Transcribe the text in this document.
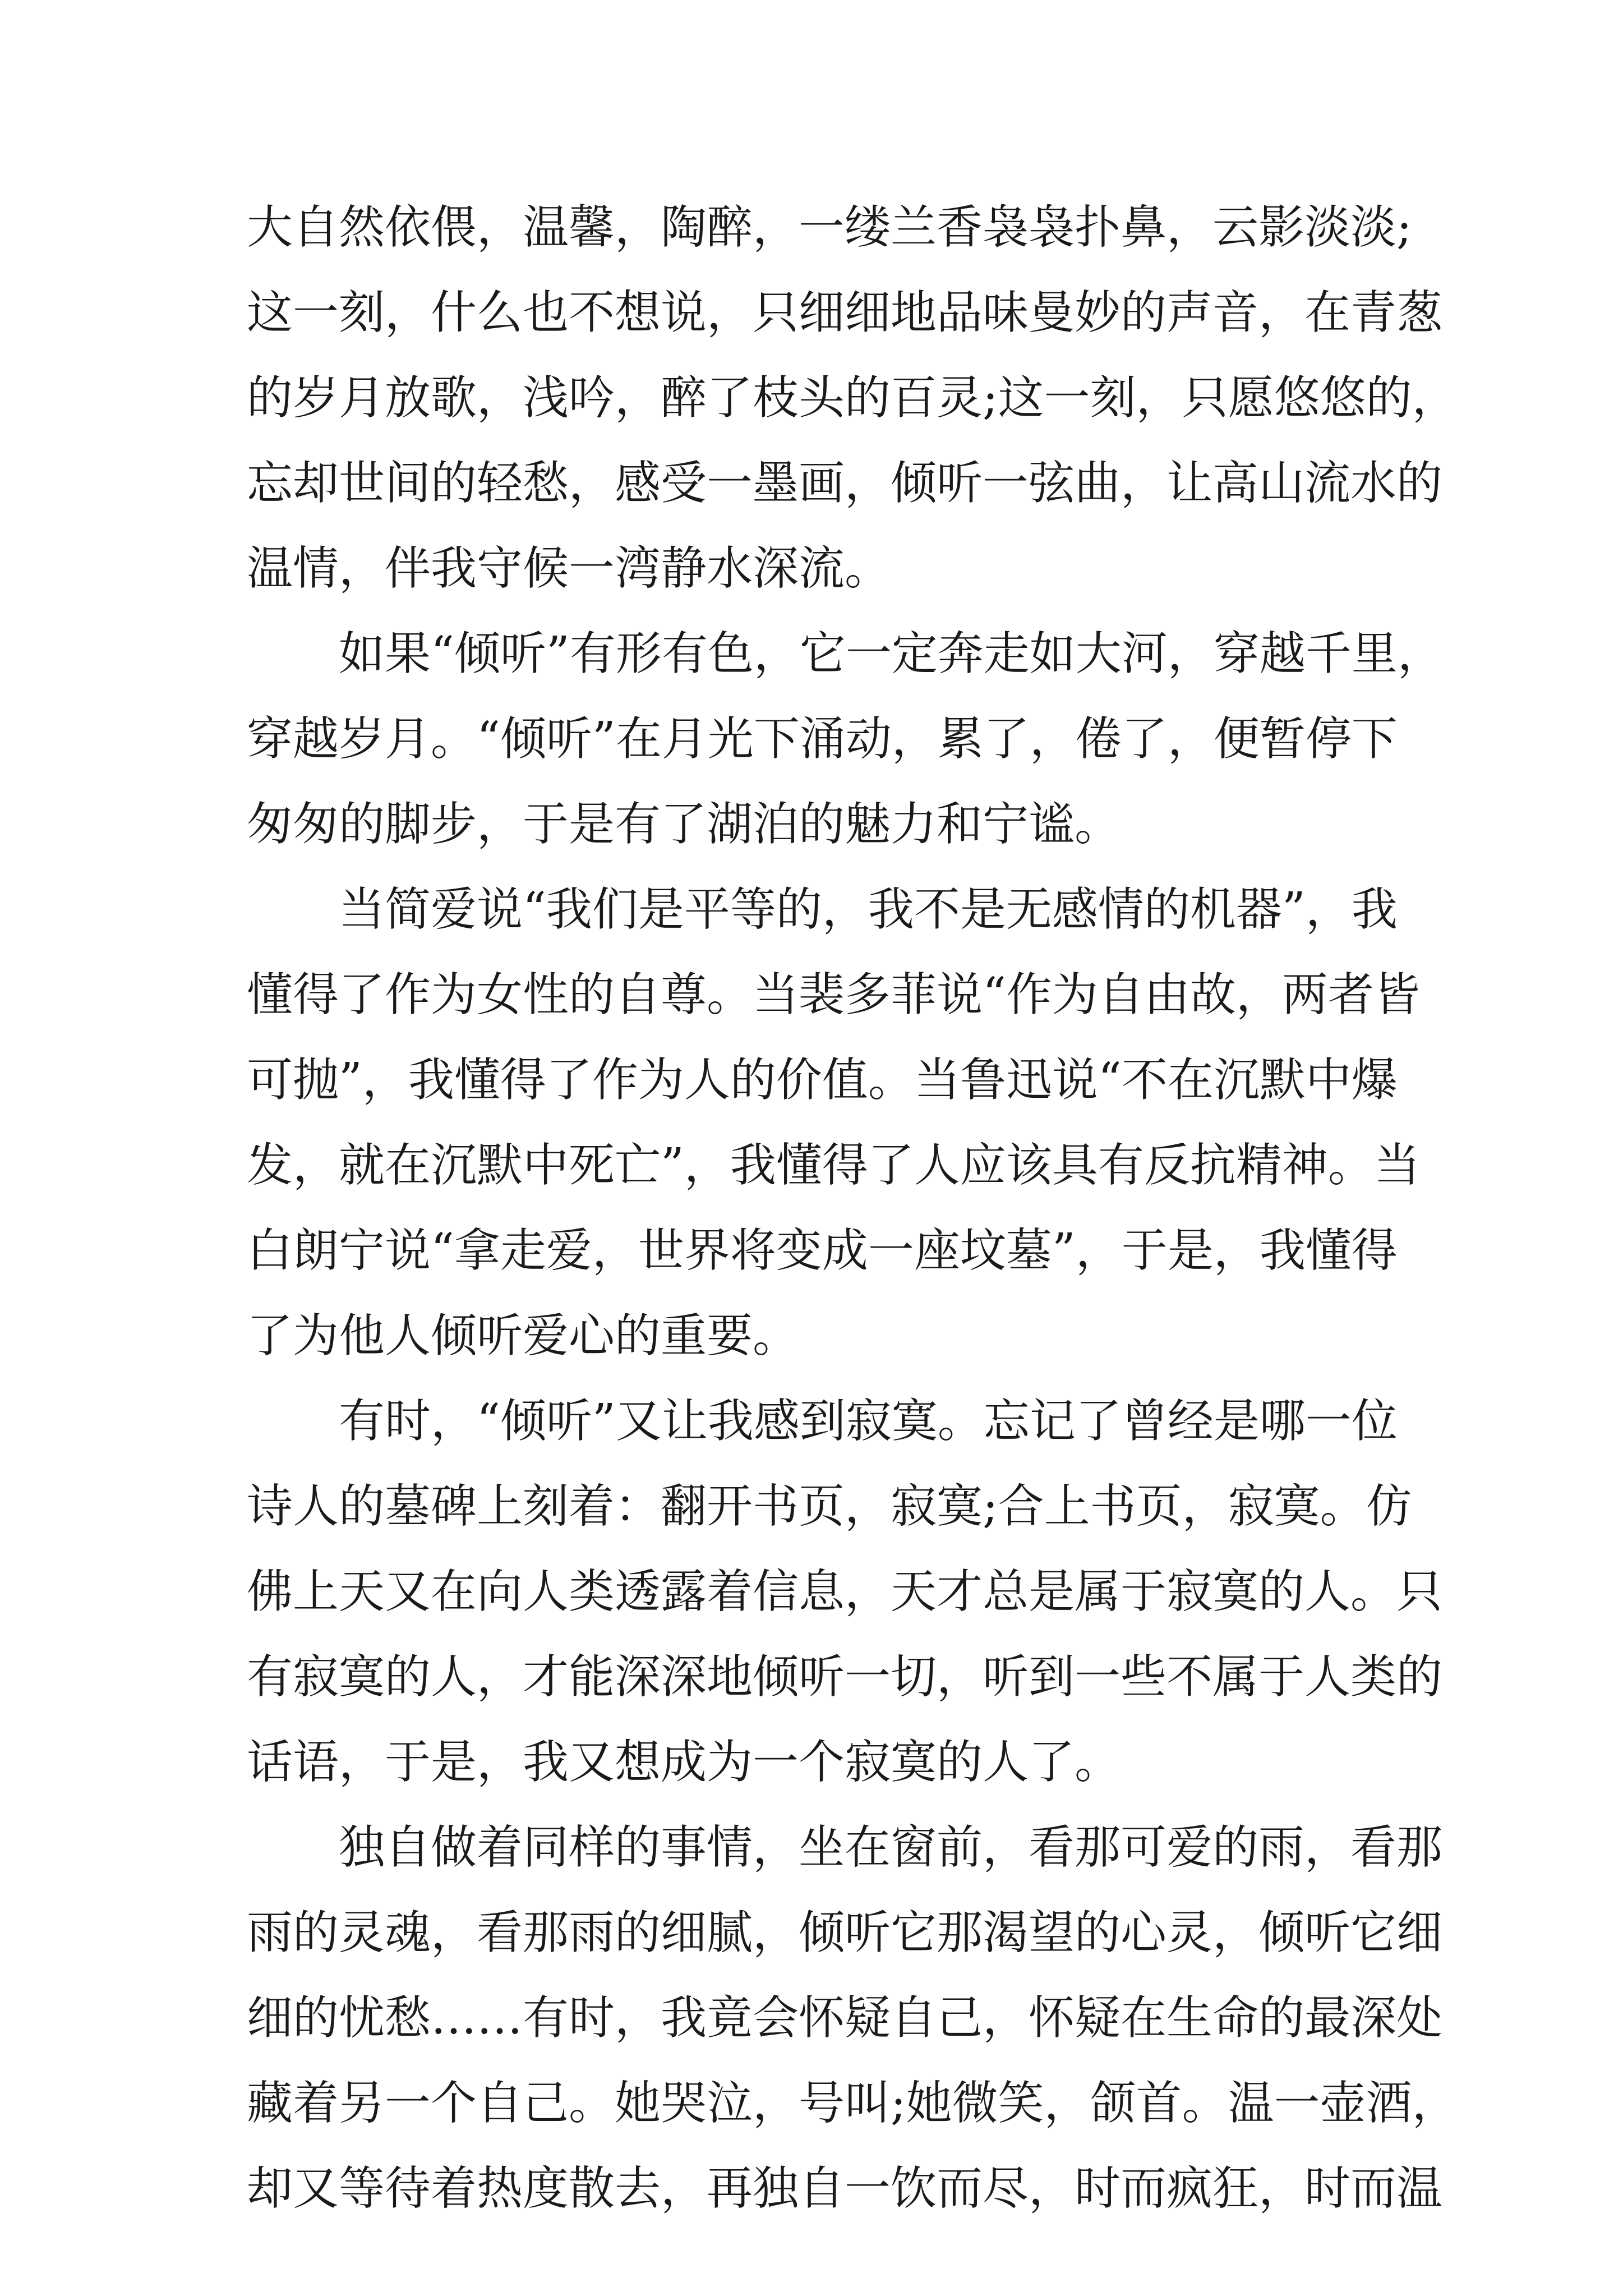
大自然依偎，温馨，陶醉，一缕兰香袅袅扑鼻，云影淡淡;
这一刻，什么也不想说，只细细地品味曼妙的声音，在青葱
的岁月放歌，浅吟，醉了枝头的百灵;这一刻，只愿悠悠的，
忘却世间的轻愁，感受一墨画，倾听一弦曲，让高山流水的
温情，伴我守候一湾静水深流。
如果“倾听”有形有色，它一定奔走如大河，穿越千里，
穿越岁月。“倾听”在月光下涌动，累了，倦了，便暂停下
匆匆的脚步，于是有了湖泊的魅力和宁谧。
当简爱说“我们是平等的，我不是无感情的机器”，我
懂得了作为女性的自尊。当裴多菲说“作为自由故，两者皆
可抛”，我懂得了作为人的价值。当鲁迅说“不在沉默中爆
发，就在沉默中死亡”，我懂得了人应该具有反抗精神。当
白朗宁说“拿走爱，世界将变成一座坟墓”，于是，我懂得
了为他人倾听爱心的重要。
有时，“倾听”又让我感到寂寞。忘记了曾经是哪一位
诗人的墓碑上刻着：翻开书页，寂寞;合上书页，寂寞。仿
佛上天又在向人类透露着信息，天才总是属于寂寞的人。只
有寂寞的人，才能深深地倾听一切，听到一些不属于人类的
话语，于是，我又想成为一个寂寞的人了。
独自做着同样的事情，坐在窗前，看那可爱的雨，看那
雨的灵魂，看那雨的细腻，倾听它那渴望的心灵，倾听它细
细的忧愁……有时，我竟会怀疑自己，怀疑在生命的最深处
藏着另一个自己。她哭泣，号叫;她微笑，颌首。温一壶酒，
却又等待着热度散去，再独自一饮而尽，时而疯狂，时而温
